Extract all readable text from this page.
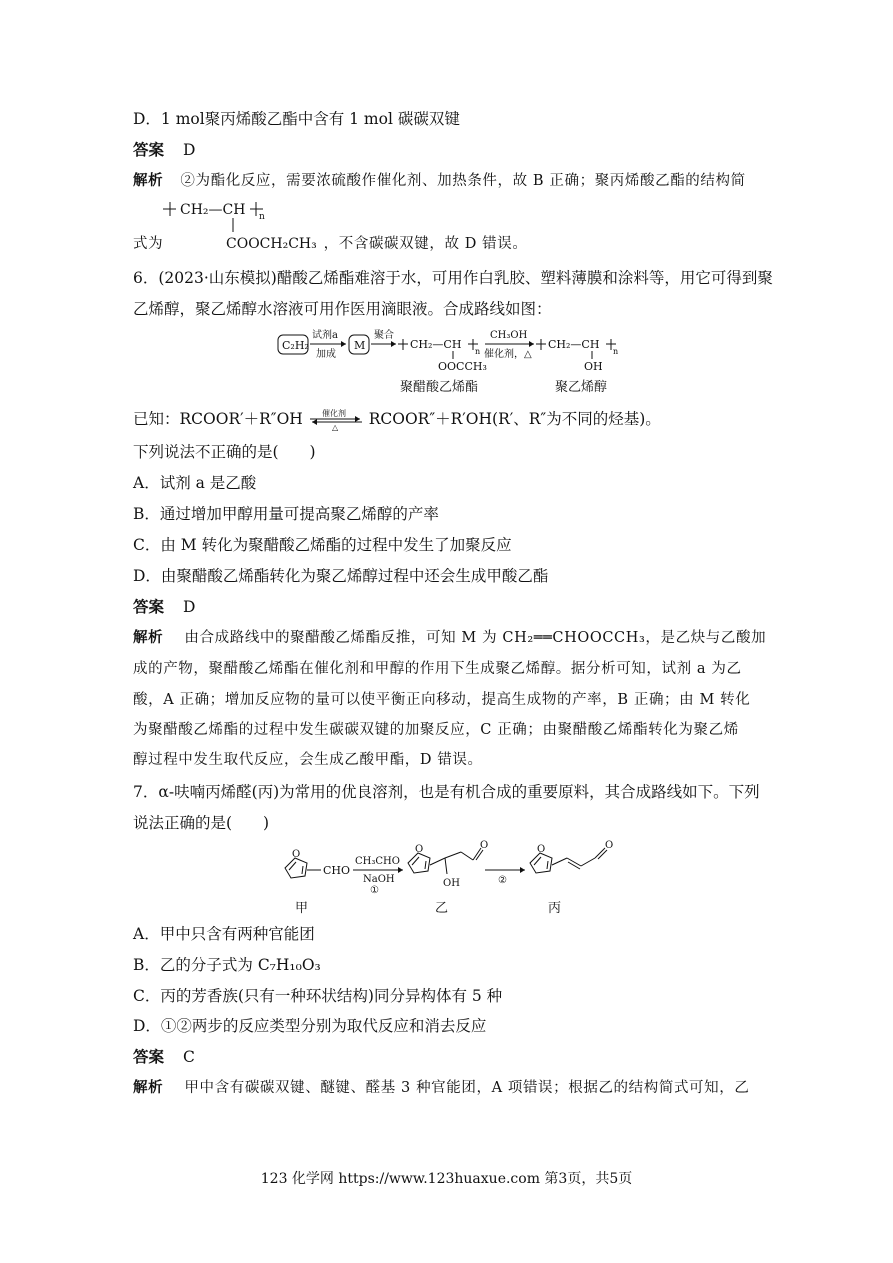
D．1 mol聚丙烯酸乙酯中含有 1 mol 碳碳双键
答案 D
解析 ②为酯化反应，需要浓硫酸作催化剂、加热条件，故 B 正确；聚丙烯酸乙酯的结构简
CH₂—CH n
COOCH₂CH₃
式为	，不含碳碳双键，故 D 错误。
6．(2023·山东模拟)醋酸乙烯酯难溶于水，可用作白乳胶、塑料薄膜和涂料等，用它可得到聚
乙烯醇，聚乙烯醇水溶液可用作医用滴眼液。合成路线如图：
C₂H₂
试剂a
加成
M
聚合
CH₂—CH
n
OOCCH₃
聚醋酸乙烯酯
CH₃OH
催化剂，△
CH₂—CH
n
OH
聚乙烯醇
已知：RCOOR′＋R″OH 催化剂
△ RCOOR″＋R′OH(R′、R″为不同的烃基)。
下列说法不正确的是(　　)
A．试剂 a 是乙酸
B．通过增加甲醇用量可提高聚乙烯醇的产率
C．由 M 转化为聚醋酸乙烯酯的过程中发生了加聚反应
D．由聚醋酸乙烯酯转化为聚乙烯醇过程中还会生成甲酸乙酯
答案 D
解析 由合成路线中的聚醋酸乙烯酯反推，可知 M 为 CH₂══CHOOCCH₃，是乙炔与乙酸加
成的产物，聚醋酸乙烯酯在催化剂和甲醇的作用下生成聚乙烯醇。据分析可知，试剂 a 为乙
酸，A 正确；增加反应物的量可以使平衡正向移动，提高生成物的产率，B 正确；由 M 转化
为聚醋酸乙烯酯的过程中发生碳碳双键的加聚反应，C 正确；由聚醋酸乙烯酯转化为聚乙烯
醇过程中发生取代反应，会生成乙酸甲酯，D 错误。
7．α-呋喃丙烯醛(丙)为常用的优良溶剂，也是有机合成的重要原料，其合成路线如下。下列
说法正确的是(　　)
O
CHO
甲
CH₃CHO
NaOH
①
O
OH
O
乙
②
O	O
丙
A．甲中只含有两种官能团
B．乙的分子式为 C₇H₁₀O₃
C．丙的芳香族(只有一种环状结构)同分异构体有 5 种
D．①②两步的反应类型分别为取代反应和消去反应
答案 C
解析 甲中含有碳碳双键、醚键、醛基 3 种官能团，A 项错误；根据乙的结构简式可知，乙
123 化学网 https://www.123huaxue.com 第3页，共5页
